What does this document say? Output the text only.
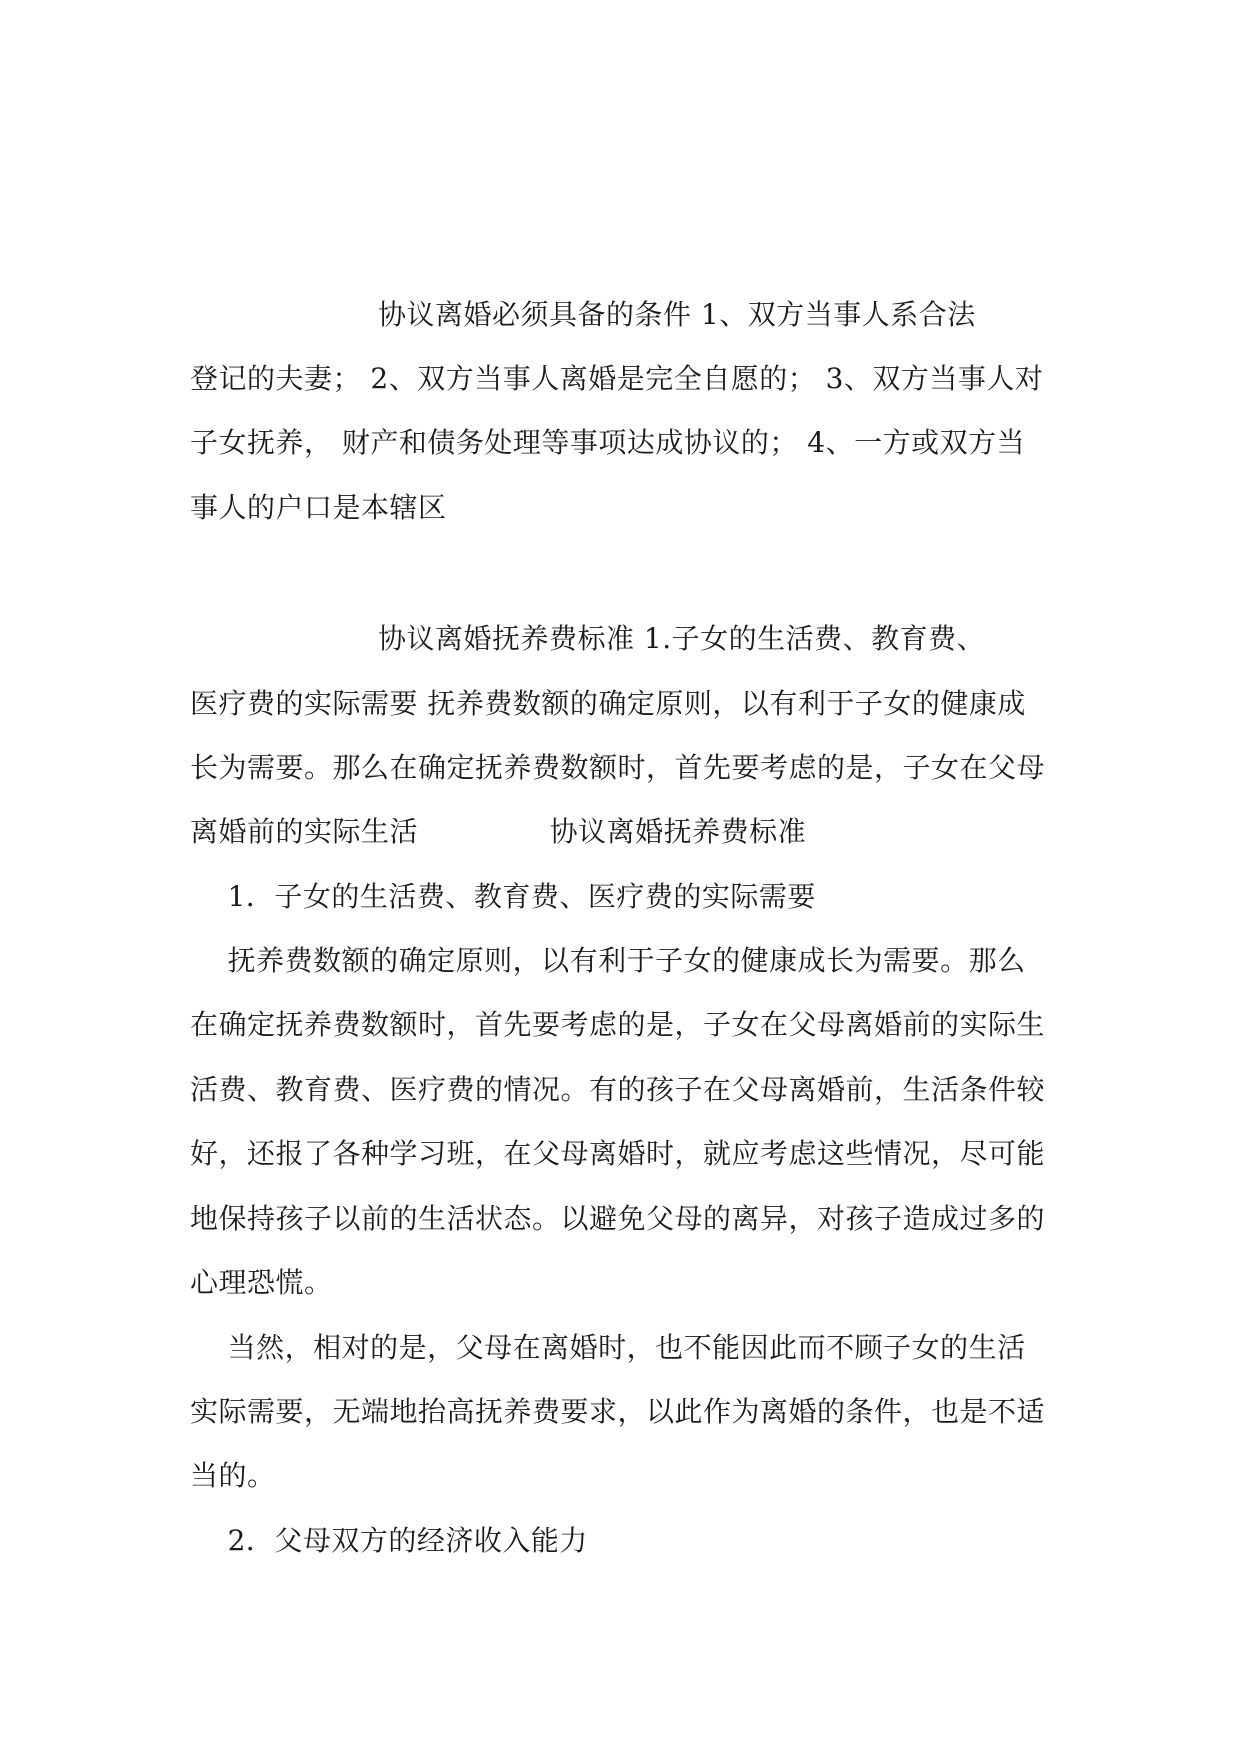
协议离婚必须具备的条件 1、双方当事人系合法
登记的夫妻； 2、双方当事人离婚是完全自愿的； 3、双方当事人对
子女抚养， 财产和债务处理等事项达成协议的； 4、一方或双方当
事人的户口是本辖区
协议离婚抚养费标准 1.子女的生活费、教育费、
医疗费的实际需要 抚养费数额的确定原则，以有利于子女的健康成
长为需要。那么在确定抚养费数额时，首先要考虑的是，子女在父母
离婚前的实际生活              协议离婚抚养费标准
1．子女的生活费、教育费、医疗费的实际需要
抚养费数额的确定原则，以有利于子女的健康成长为需要。那么
在确定抚养费数额时，首先要考虑的是，子女在父母离婚前的实际生
活费、教育费、医疗费的情况。有的孩子在父母离婚前，生活条件较
好，还报了各种学习班，在父母离婚时，就应考虑这些情况，尽可能
地保持孩子以前的生活状态。以避免父母的离异，对孩子造成过多的
心理恐慌。
当然，相对的是，父母在离婚时，也不能因此而不顾子女的生活
实际需要，无端地抬高抚养费要求，以此作为离婚的条件，也是不适
当的。
2．父母双方的经济收入能力
